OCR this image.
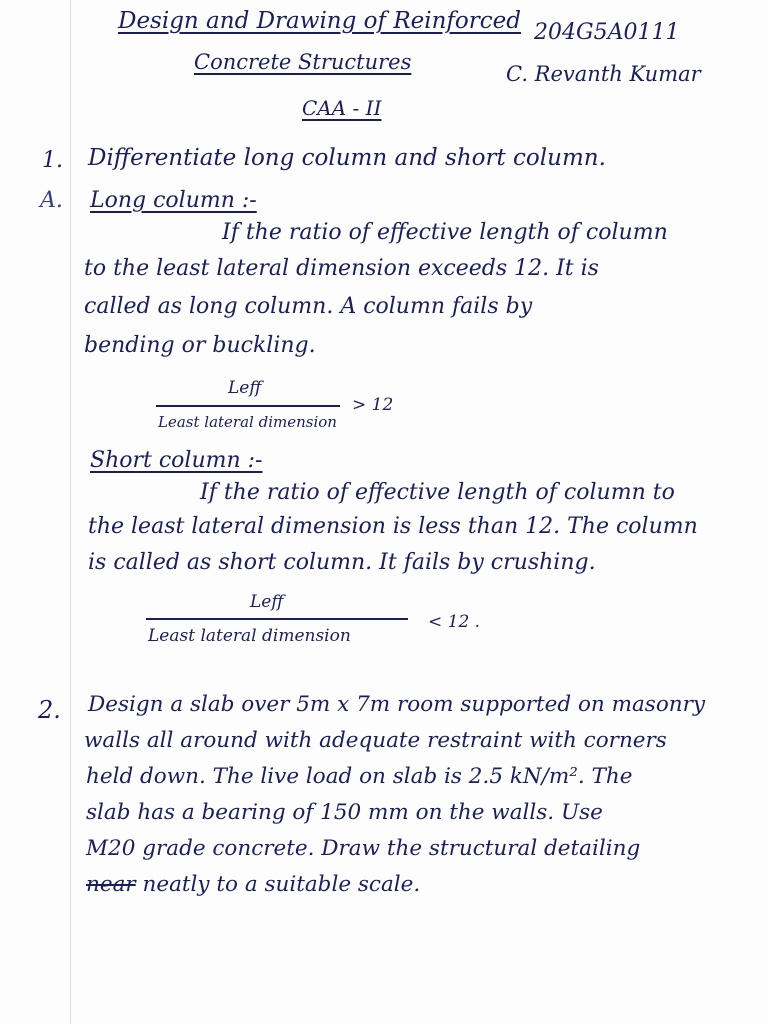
Design and Drawing of Reinforced
Concrete Structures
204G5A0111
C. Revanth Kumar
CAA - II
1. Differentiate long column and short column.
A. Long column :-
If the ratio of effective length of column
to the least lateral dimension exceeds 12. It is
called as long column. A column fails by
bending or buckling.
Leff
Least lateral dimension
> 12
Short column :-
If the ratio of effective length of column to
the least lateral dimension is less than 12. The column
is called as short column. It fails by crushing.
Leff
Least lateral dimension
< 12 .
2. Design a slab over 5m x 7m room supported on masonry
walls all around with adequate restraint with corners
held down. The live load on slab is 2.5 kN/m². The
slab has a bearing of 150 mm on the walls. Use
M20 grade concrete. Draw the structural detailing
near neatly to a suitable scale.
